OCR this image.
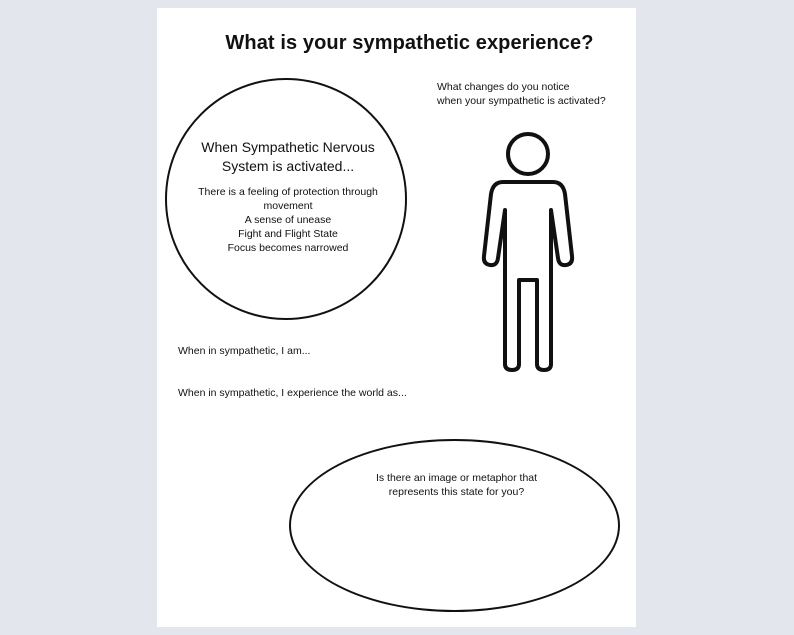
What is your sympathetic experience?
When Sympathetic Nervous
System is activated...
There is a feeling of protection through movement
A sense of unease
Fight and Flight State
Focus becomes narrowed
What changes do you notice
when your sympathetic is activated?
When in sympathetic, I am...
When in sympathetic, I experience the world as...
Is there an image or metaphor that
represents this state for you?
